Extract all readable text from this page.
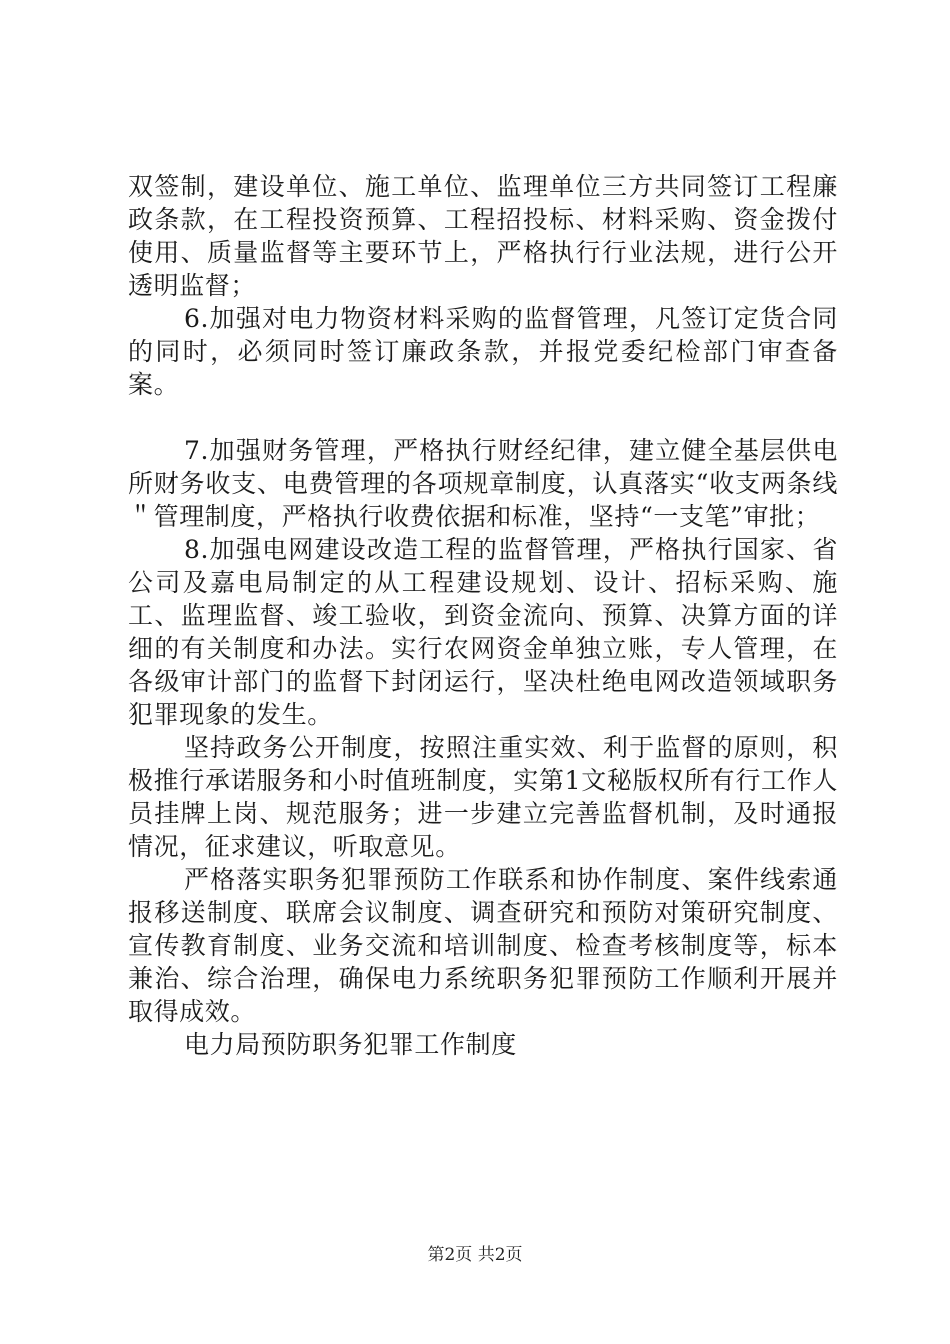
双签制，建设单位、施工单位、监理单位三方共同签订工程廉政条款，在工程投资预算、工程招投标、材料采购、资金拨付使用、质量监督等主要环节上，严格执行行业法规，进行公开透明监督；

6.加强对电力物资材料采购的监督管理，凡签订定货合同的同时，必须同时签订廉政条款，并报党委纪检部门审查备案。

7.加强财务管理，严格执行财经纪律，建立健全基层供电所财务收支、电费管理的各项规章制度，认真落实“收支两条线＂管理制度，严格执行收费依据和标准，坚持“一支笔”审批；

8.加强电网建设改造工程的监督管理，严格执行国家、省公司及嘉电局制定的从工程建设规划、设计、招标采购、施工、监理监督、竣工验收，到资金流向、预算、决算方面的详细的有关制度和办法。实行农网资金单独立账，专人管理，在各级审计部门的监督下封闭运行，坚决杜绝电网改造领域职务犯罪现象的发生。

坚持政务公开制度，按照注重实效、利于监督的原则，积极推行承诺服务和小时值班制度，实第1文秘版权所有行工作人员挂牌上岗、规范服务；进一步建立完善监督机制，及时通报情况，征求建议，听取意见。

严格落实职务犯罪预防工作联系和协作制度、案件线索通报移送制度、联席会议制度、调查研究和预防对策研究制度、宣传教育制度、业务交流和培训制度、检查考核制度等，标本兼治、综合治理，确保电力系统职务犯罪预防工作顺利开展并取得成效。

电力局预防职务犯罪工作制度

第2页 共2页
